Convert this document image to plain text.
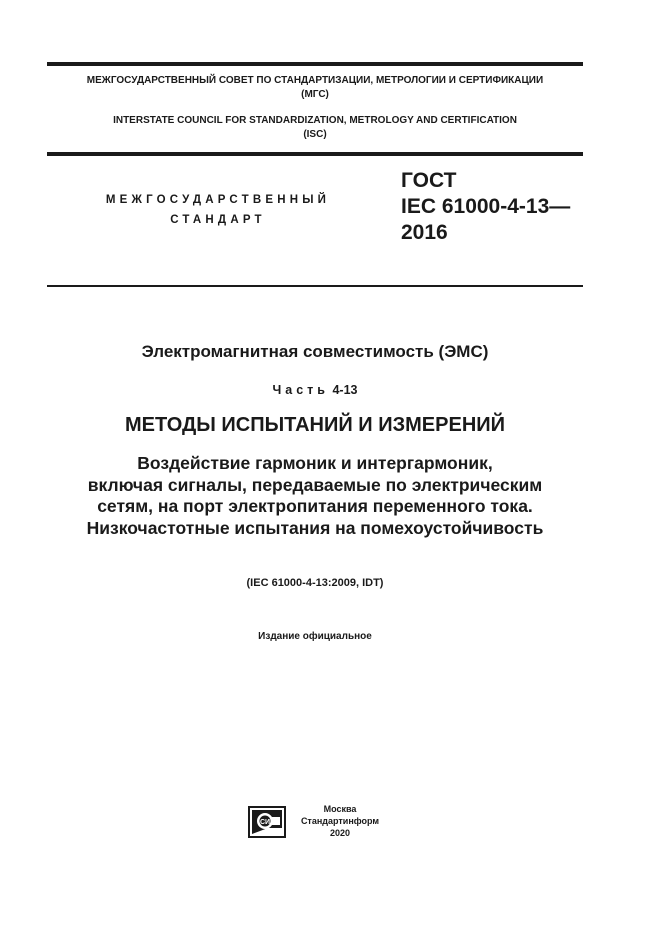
МЕЖГОСУДАРСТВЕННЫЙ СОВЕТ ПО СТАНДАРТИЗАЦИИ, МЕТРОЛОГИИ И СЕРТИФИКАЦИИ
(МГС)
INTERSTATE COUNCIL FOR STANDARDIZATION, METROLOGY AND CERTIFICATION
(ISC)
МЕЖГОСУДАРСТВЕННЫЙ
СТАНДАРТ
ГОСТ
IEC 61000-4-13—
2016
Электромагнитная совместимость (ЭМС)
Часть 4-13
МЕТОДЫ ИСПЫТАНИЙ И ИЗМЕРЕНИЙ
Воздействие гармоник и интергармоник,
включая сигналы, передаваемые по электрическим
сетям, на порт электропитания переменного тока.
Низкочастотные испытания на помехоустойчивость
(IEC 61000-4-13:2009, IDT)
Издание официальное
СИ
Москва
Стандартинформ
2020
